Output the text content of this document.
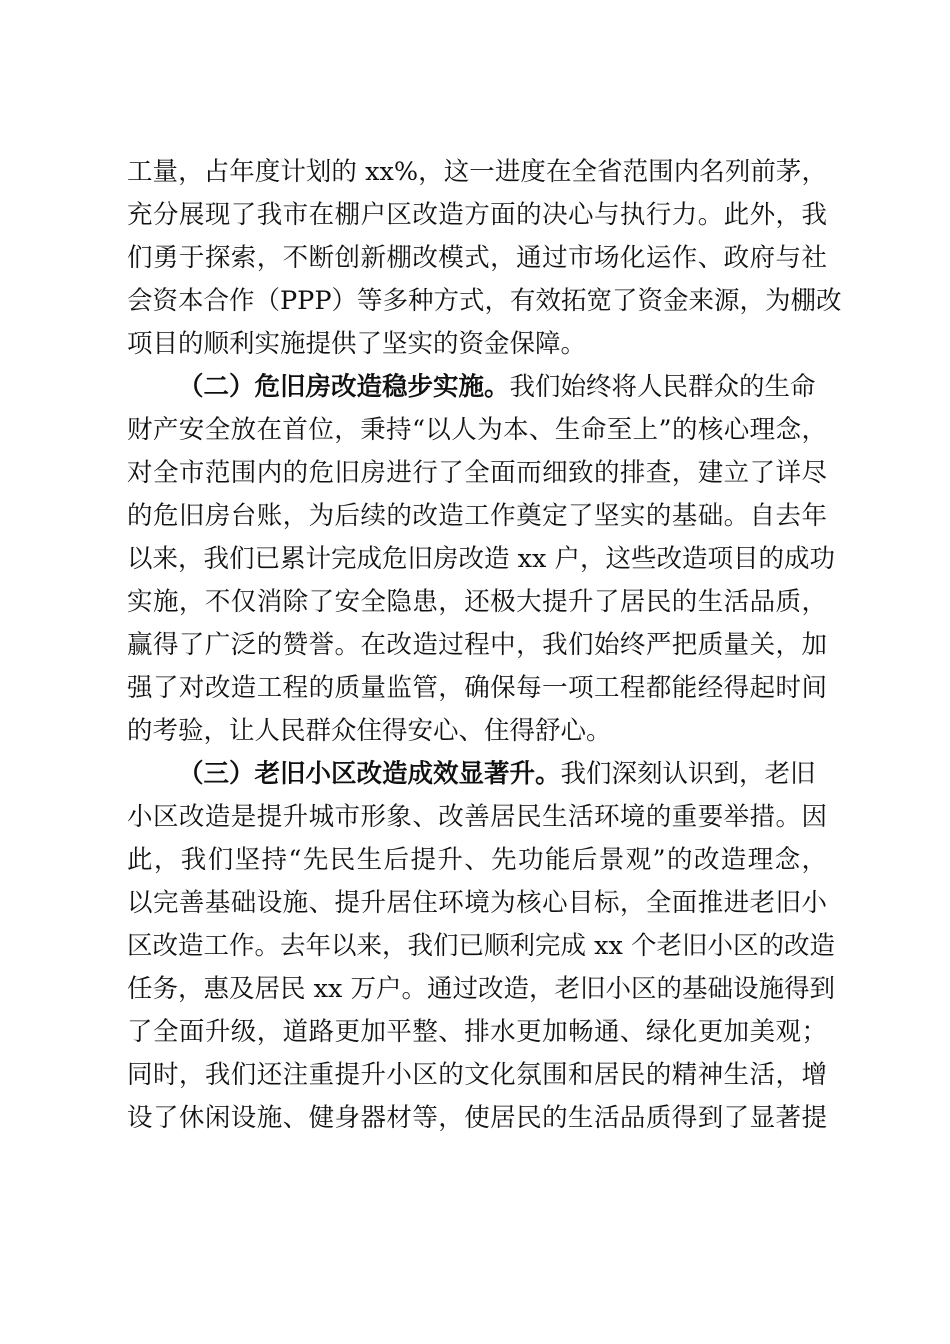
工量，占年度计划的 xx%，这一进度在全省范围内名列前茅，
充分展现了我市在棚户区改造方面的决心与执行力。此外，我
们勇于探索，不断创新棚改模式，通过市场化运作、政府与社
会资本合作（PPP）等多种方式，有效拓宽了资金来源，为棚改
项目的顺利实施提供了坚实的资金保障。
（二）危旧房改造稳步实施。我们始终将人民群众的生命
财产安全放在首位，秉持“以人为本、生命至上”的核心理念，
对全市范围内的危旧房进行了全面而细致的排查，建立了详尽
的危旧房台账，为后续的改造工作奠定了坚实的基础。自去年
以来，我们已累计完成危旧房改造 xx 户，这些改造项目的成功
实施，不仅消除了安全隐患，还极大提升了居民的生活品质，
赢得了广泛的赞誉。在改造过程中，我们始终严把质量关，加
强了对改造工程的质量监管，确保每一项工程都能经得起时间
的考验，让人民群众住得安心、住得舒心。
（三）老旧小区改造成效显著升。我们深刻认识到，老旧
小区改造是提升城市形象、改善居民生活环境的重要举措。因
此，我们坚持“先民生后提升、先功能后景观”的改造理念，
以完善基础设施、提升居住环境为核心目标，全面推进老旧小
区改造工作。去年以来，我们已顺利完成 xx 个老旧小区的改造
任务，惠及居民 xx 万户。通过改造，老旧小区的基础设施得到
了全面升级，道路更加平整、排水更加畅通、绿化更加美观；
同时，我们还注重提升小区的文化氛围和居民的精神生活，增
设了休闲设施、健身器材等，使居民的生活品质得到了显著提
